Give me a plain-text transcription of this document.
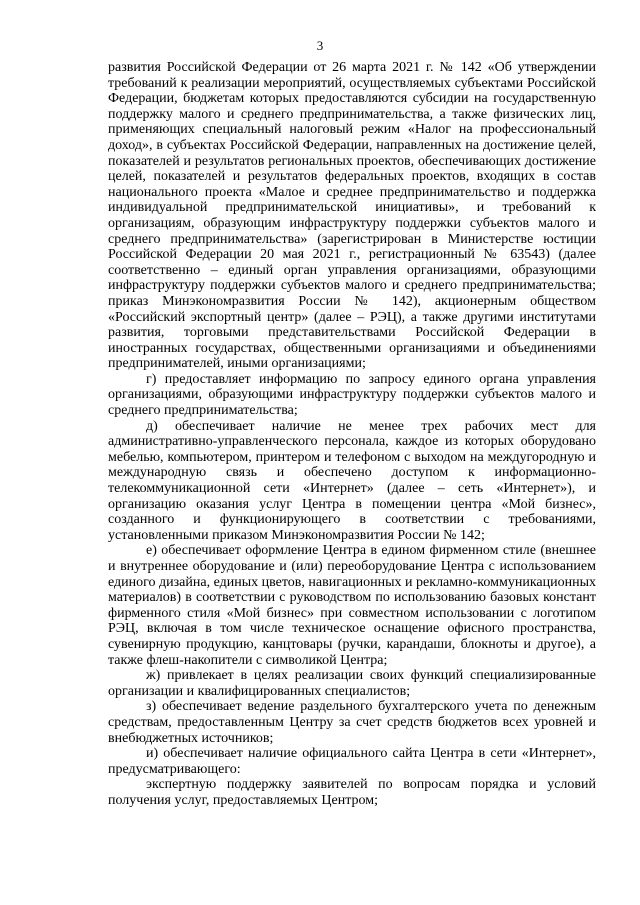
3

развития Российской Федерации от 26 марта 2021 г. № 142 «Об утверждении требований к реализации мероприятий, осуществляемых субъектами Российской Федерации, бюджетам которых предоставляются субсидии на государственную поддержку малого и среднего предпринимательства, а также физических лиц, применяющих специальный налоговый режим «Налог на профессиональный доход», в субъектах Российской Федерации, направленных на достижение целей, показателей и результатов региональных проектов, обеспечивающих достижение целей, показателей и результатов федеральных проектов, входящих в состав национального проекта «Малое и среднее предпринимательство и поддержка индивидуальной предпринимательской инициативы», и требований к организациям, образующим инфраструктуру поддержки субъектов малого и среднего предпринимательства» (зарегистрирован в Министерстве юстиции Российской Федерации 20 мая 2021 г., регистрационный № 63543) (далее соответственно – единый орган управления организациями, образующими инфраструктуру поддержки субъектов малого и среднего предпринимательства; приказ Минэкономразвития России № 142), акционерным обществом «Российский экспортный центр» (далее – РЭЦ), а также другими институтами развития, торговыми представительствами Российской Федерации в иностранных государствах, общественными организациями и объединениями предпринимателей, иными организациями;

г) предоставляет информацию по запросу единого органа управления организациями, образующими инфраструктуру поддержки субъектов малого и среднего предпринимательства;

д) обеспечивает наличие не менее трех рабочих мест для административно-управленческого персонала, каждое из которых оборудовано мебелью, компьютером, принтером и телефоном с выходом на междугородную и международную связь и обеспечено доступом к информационно-телекоммуникационной сети «Интернет» (далее – сеть «Интернет»), и организацию оказания услуг Центра в помещении центра «Мой бизнес», созданного и функционирующего в соответствии с требованиями, установленными приказом Минэкономразвития России № 142;

е) обеспечивает оформление Центра в едином фирменном стиле (внешнее и внутреннее оборудование и (или) переоборудование Центра с использованием единого дизайна, единых цветов, навигационных и рекламно-коммуникационных материалов) в соответствии с руководством по использованию базовых констант фирменного стиля «Мой бизнес» при совместном использовании с логотипом РЭЦ, включая в том числе техническое оснащение офисного пространства, сувенирную продукцию, канцтовары (ручки, карандаши, блокноты и другое), а также флеш-накопители с символикой Центра;

ж) привлекает в целях реализации своих функций специализированные организации и квалифицированных специалистов;

з) обеспечивает ведение раздельного бухгалтерского учета по денежным средствам, предоставленным Центру за счет средств бюджетов всех уровней и внебюджетных источников;

и) обеспечивает наличие официального сайта Центра в сети «Интернет», предусматривающего:

экспертную поддержку заявителей по вопросам порядка и условий получения услуг, предоставляемых Центром;
